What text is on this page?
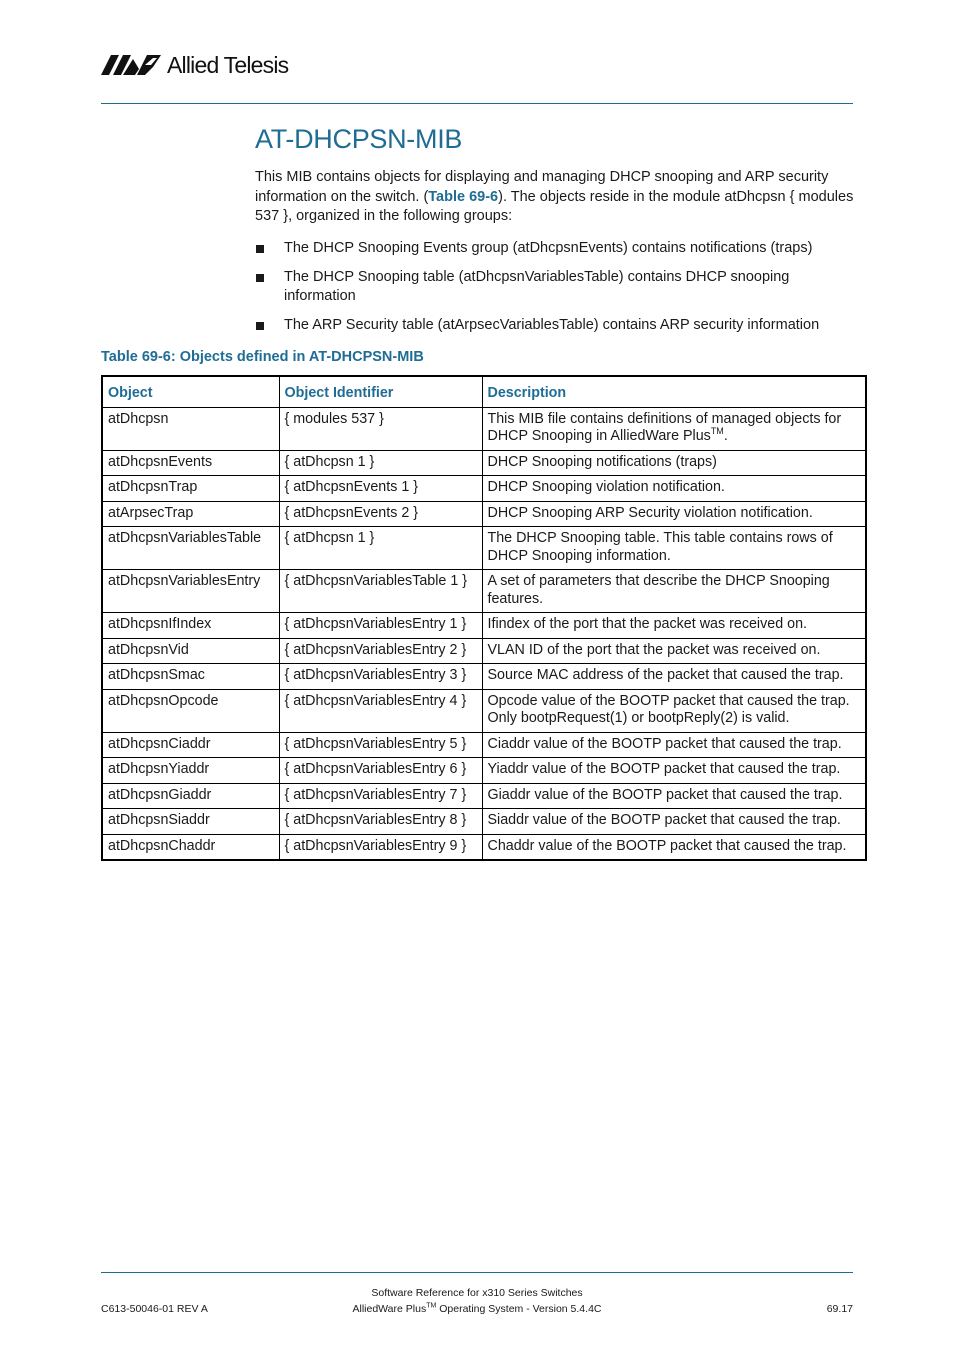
Allied Telesis
AT-DHCPSN-MIB

This MIB contains objects for displaying and managing DHCP snooping and ARP security information on the switch. (Table 69-6). The objects reside in the module atDhcpsn { modules 537 }, organized in the following groups:

The DHCP Snooping Events group (atDhcpsnEvents) contains notifications (traps)
The DHCP Snooping table (atDhcpsnVariablesTable) contains DHCP snooping information
The ARP Security table (atArpsecVariablesTable) contains ARP security information

Table 69-6: Objects defined in AT-DHCPSN-MIB

Object	Object Identifier	Description
atDhcpsn	{ modules 537 }	This MIB file contains definitions of managed objects for DHCP Snooping in AlliedWare Plus™.
atDhcpsnEvents	{ atDhcpsn 1 }	DHCP Snooping notifications (traps)
atDhcpsnTrap	{ atDhcpsnEvents 1 }	DHCP Snooping violation notification.
atArpsecTrap	{ atDhcpsnEvents 2 }	DHCP Snooping ARP Security violation notification.
atDhcpsnVariablesTable	{ atDhcpsn 1 }	The DHCP Snooping table. This table contains rows of DHCP Snooping information.
atDhcpsnVariablesEntry	{ atDhcpsnVariablesTable 1 }	A set of parameters that describe the DHCP Snooping features.
atDhcpsnIfIndex	{ atDhcpsnVariablesEntry 1 }	Ifindex of the port that the packet was received on.
atDhcpsnVid	{ atDhcpsnVariablesEntry 2 }	VLAN ID of the port that the packet was received on.
atDhcpsnSmac	{ atDhcpsnVariablesEntry 3 }	Source MAC address of the packet that caused the trap.
atDhcpsnOpcode	{ atDhcpsnVariablesEntry 4 }	Opcode value of the BOOTP packet that caused the trap. Only bootpRequest(1) or bootpReply(2) is valid.
atDhcpsnCiaddr	{ atDhcpsnVariablesEntry 5 }	Ciaddr value of the BOOTP packet that caused the trap.
atDhcpsnYiaddr	{ atDhcpsnVariablesEntry 6 }	Yiaddr value of the BOOTP packet that caused the trap.
atDhcpsnGiaddr	{ atDhcpsnVariablesEntry 7 }	Giaddr value of the BOOTP packet that caused the trap.
atDhcpsnSiaddr	{ atDhcpsnVariablesEntry 8 }	Siaddr value of the BOOTP packet that caused the trap.
atDhcpsnChaddr	{ atDhcpsnVariablesEntry 9 }	Chaddr value of the BOOTP packet that caused the trap.
Software Reference for x310 Series Switches
C613-50046-01 REV A	AlliedWare Plus™ Operating System - Version 5.4.4C	69.17
